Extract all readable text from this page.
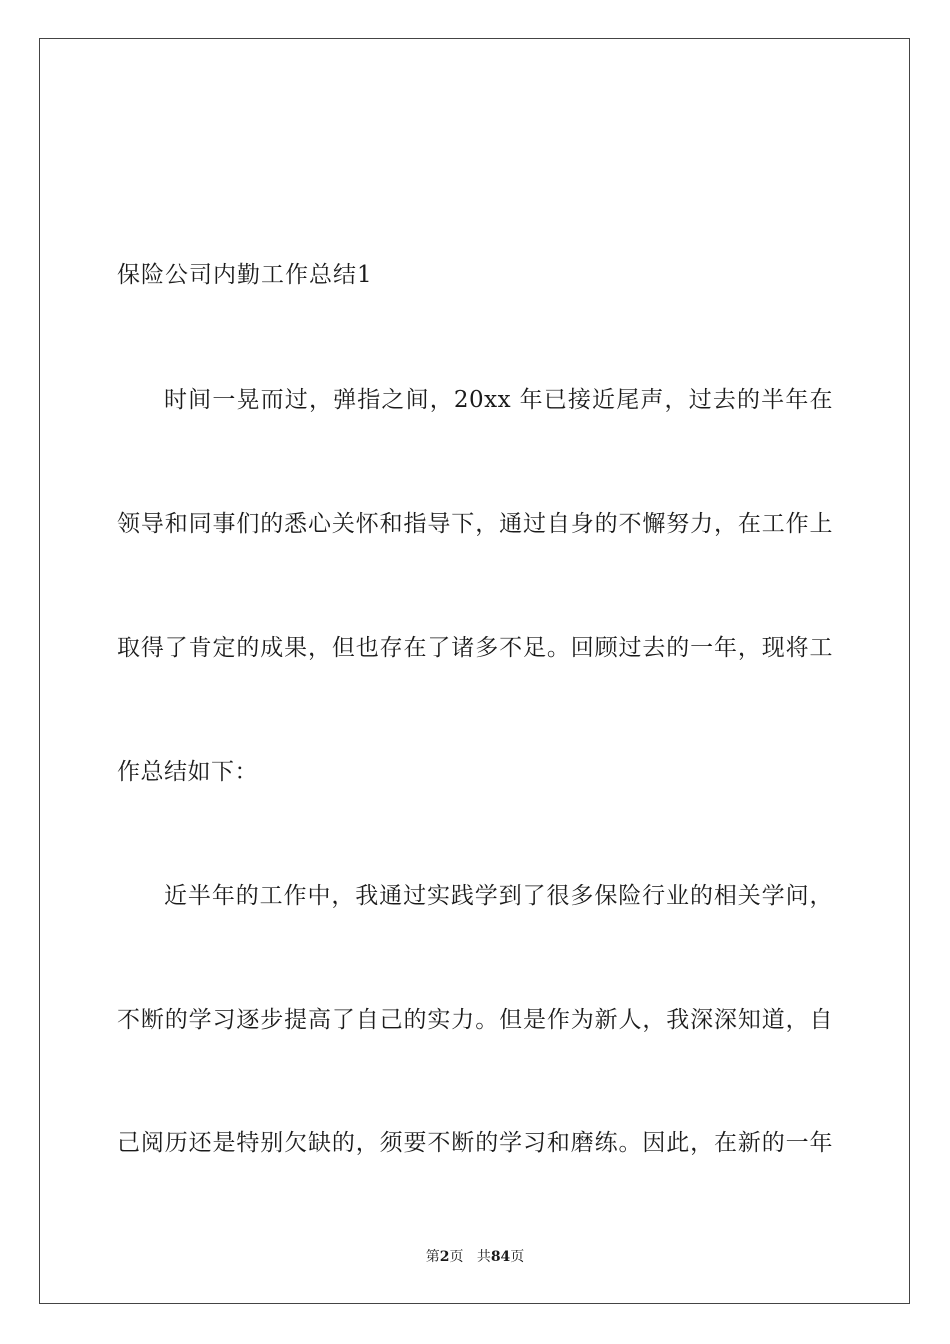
保险公司内勤工作总结1
时间一晃而过，弹指之间，20xx 年已接近尾声，过去的半年在
领导和同事们的悉心关怀和指导下，通过自身的不懈努力，在工作上
取得了肯定的成果，但也存在了诸多不足。回顾过去的一年，现将工
作总结如下：
近半年的工作中，我通过实践学到了很多保险行业的相关学问，
不断的学习逐步提高了自己的实力。但是作为新人，我深深知道，自
己阅历还是特别欠缺的，须要不断的学习和磨练。因此，在新的一年
第2页 共84页
